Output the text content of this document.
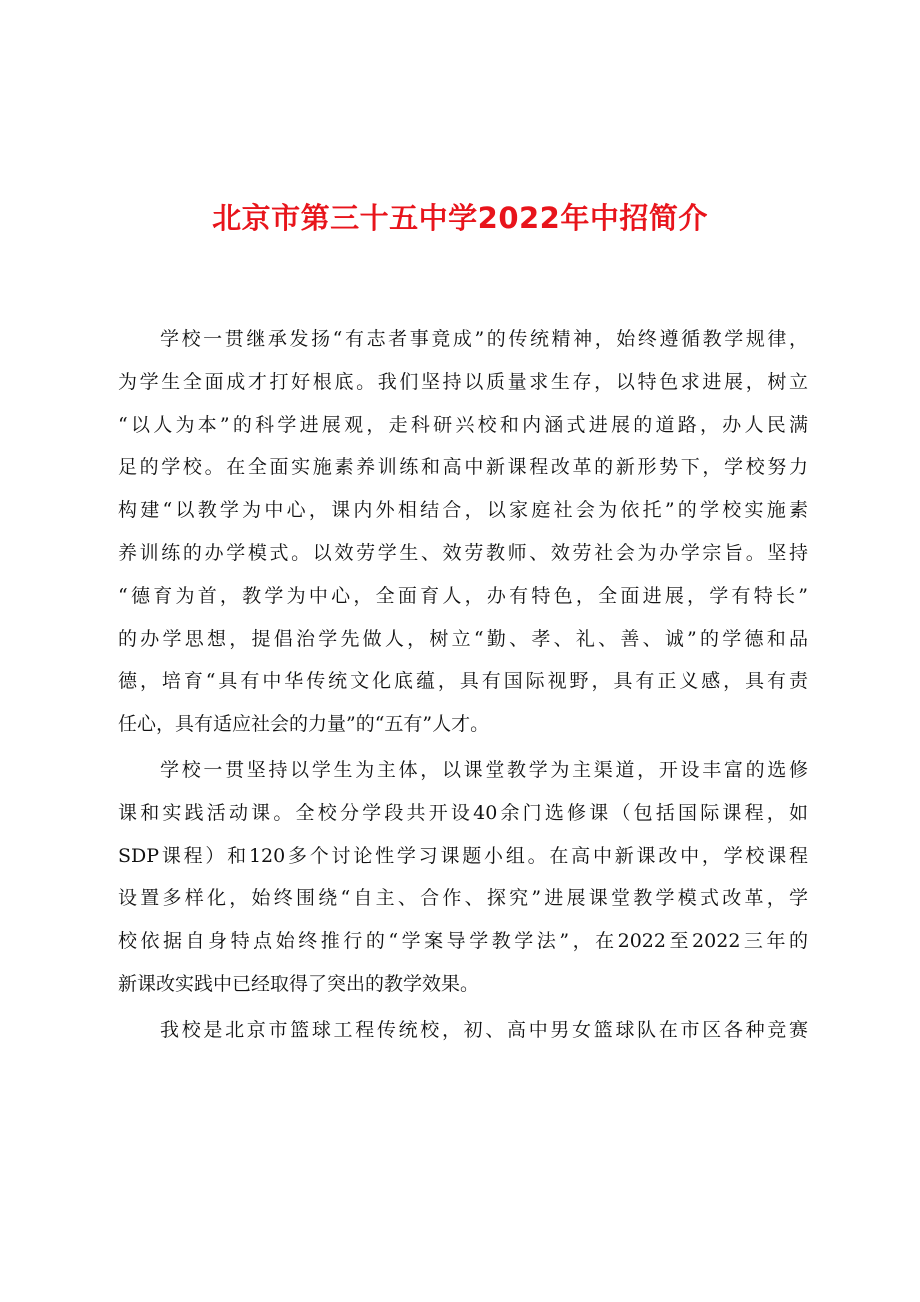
北京市第三十五中学2022年中招简介
学校一贯继承发扬“有志者事竟成”的传统精神，始终遵循教学规律，
为学生全面成才打好根底。我们坚持以质量求生存，以特色求进展，树立
“以人为本”的科学进展观，走科研兴校和内涵式进展的道路，办人民满
足的学校。在全面实施素养训练和高中新课程改革的新形势下，学校努力
构建“以教学为中心，课内外相结合，以家庭社会为依托”的学校实施素
养训练的办学模式。以效劳学生、效劳教师、效劳社会为办学宗旨。坚持
“德育为首，教学为中心，全面育人，办有特色，全面进展，学有特长”
的办学思想，提倡治学先做人，树立“勤、孝、礼、善、诚”的学德和品
德，培育“具有中华传统文化底蕴，具有国际视野，具有正义感，具有责
任心，具有适应社会的力量”的“五有”人才。
学校一贯坚持以学生为主体，以课堂教学为主渠道，开设丰富的选修
课和实践活动课。全校分学段共开设40余门选修课（包括国际课程，如
SDP课程）和120多个讨论性学习课题小组。在高中新课改中，学校课程
设置多样化，始终围绕“自主、合作、探究”进展课堂教学模式改革，学
校依据自身特点始终推行的“学案导学教学法”，在2022至2022三年的
新课改实践中已经取得了突出的教学效果。
我校是北京市篮球工程传统校，初、高中男女篮球队在市区各种竞赛
